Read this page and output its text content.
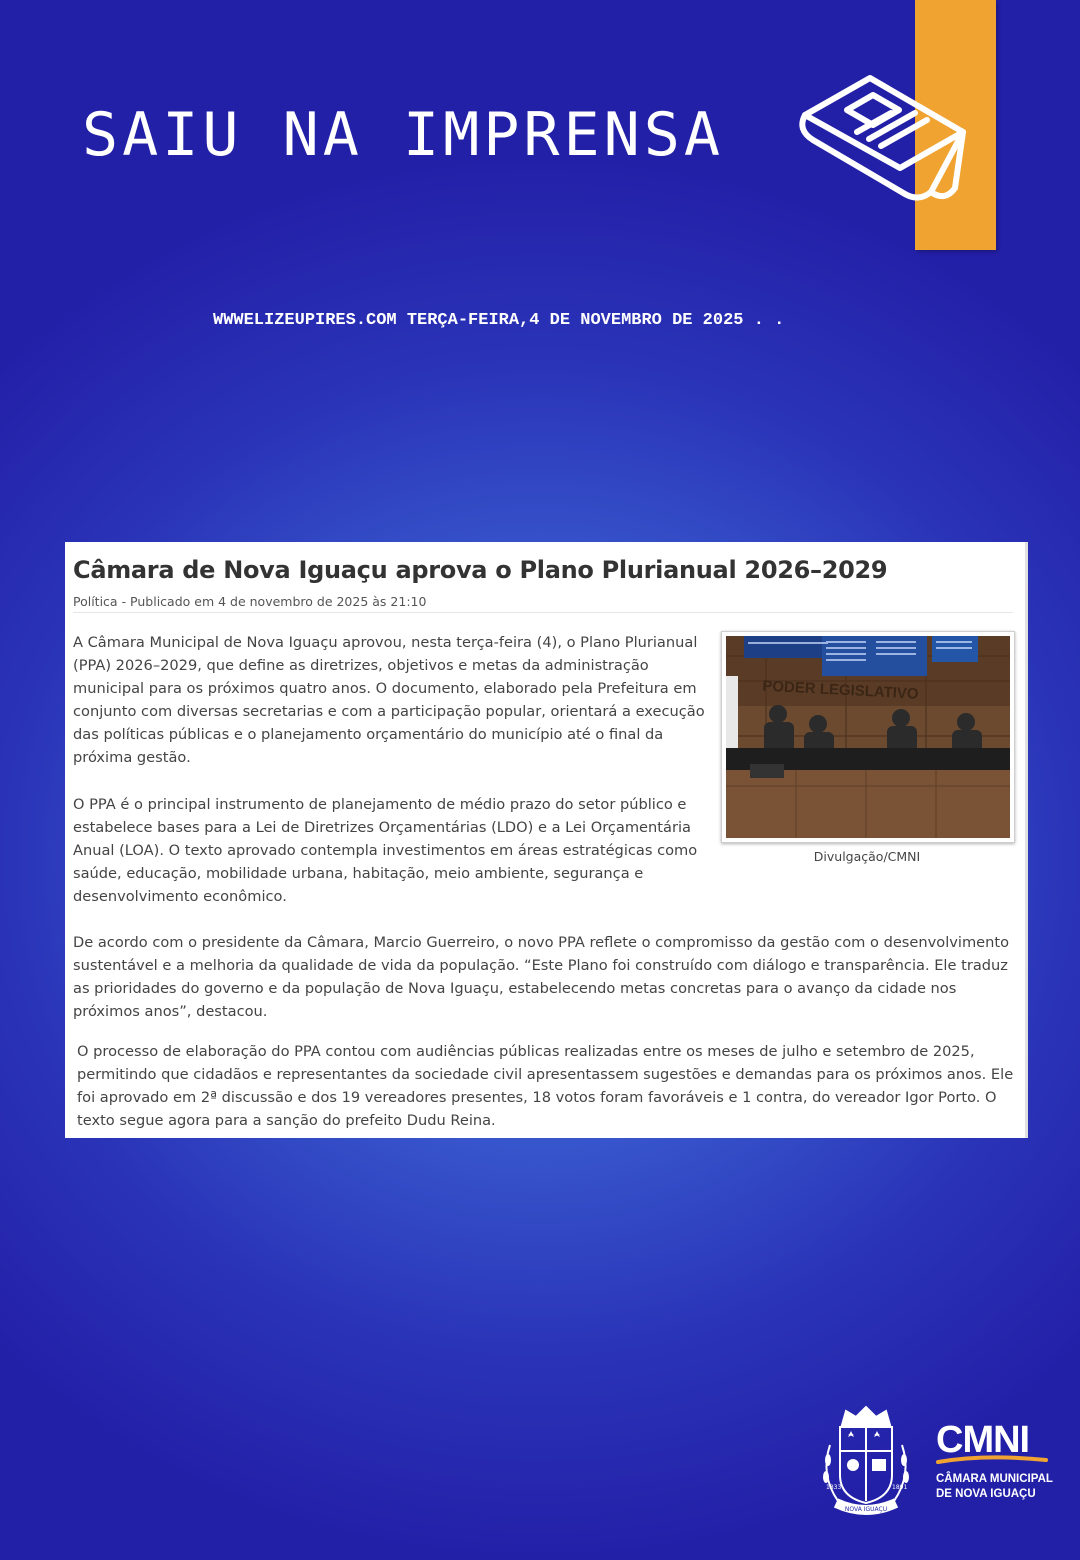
SAIU NA IMPRENSA
WWWELIZEUPIRES.COM TERÇA-FEIRA,4 DE NOVEMBRO DE 2025 . .
Câmara de Nova Iguaçu aprova o Plano Plurianual 2026–2029
Política - Publicado em 4 de novembro de 2025 às 21:10

A Câmara Municipal de Nova Iguaçu aprovou, nesta terça-feira (4), o Plano Plurianual (PPA) 2026–2029, que define as diretrizes, objetivos e metas da administração municipal para os próximos quatro anos. O documento, elaborado pela Prefeitura em conjunto com diversas secretarias e com a participação popular, orientará a execução das políticas públicas e o planejamento orçamentário do município até o final da próxima gestão.

O PPA é o principal instrumento de planejamento de médio prazo do setor público e estabelece bases para a Lei de Diretrizes Orçamentárias (LDO) e a Lei Orçamentária Anual (LOA). O texto aprovado contempla investimentos em áreas estratégicas como saúde, educação, mobilidade urbana, habitação, meio ambiente, segurança e desenvolvimento econômico.

PODER LEGISLATIVO
Divulgação/CMNI

De acordo com o presidente da Câmara, Marcio Guerreiro, o novo PPA reflete o compromisso da gestão com o desenvolvimento sustentável e a melhoria da qualidade de vida da população. “Este Plano foi construído com diálogo e transparência. Ele traduz as prioridades do governo e da população de Nova Iguaçu, estabelecendo metas concretas para o avanço da cidade nos próximos anos”, destacou.

O processo de elaboração do PPA contou com audiências públicas realizadas entre os meses de julho e setembro de 2025, permitindo que cidadãos e representantes da sociedade civil apresentassem sugestões e demandas para os próximos anos. Ele foi aprovado em 2ª discussão e dos 19 vereadores presentes, 18 votos foram favoráveis e 1 contra, do vereador Igor Porto. O texto segue agora para a sanção do prefeito Dudu Reina.

NOVA IGUAÇU
1833	1891
CMNI
CÂMARA MUNICIPAL
DE NOVA IGUAÇU
